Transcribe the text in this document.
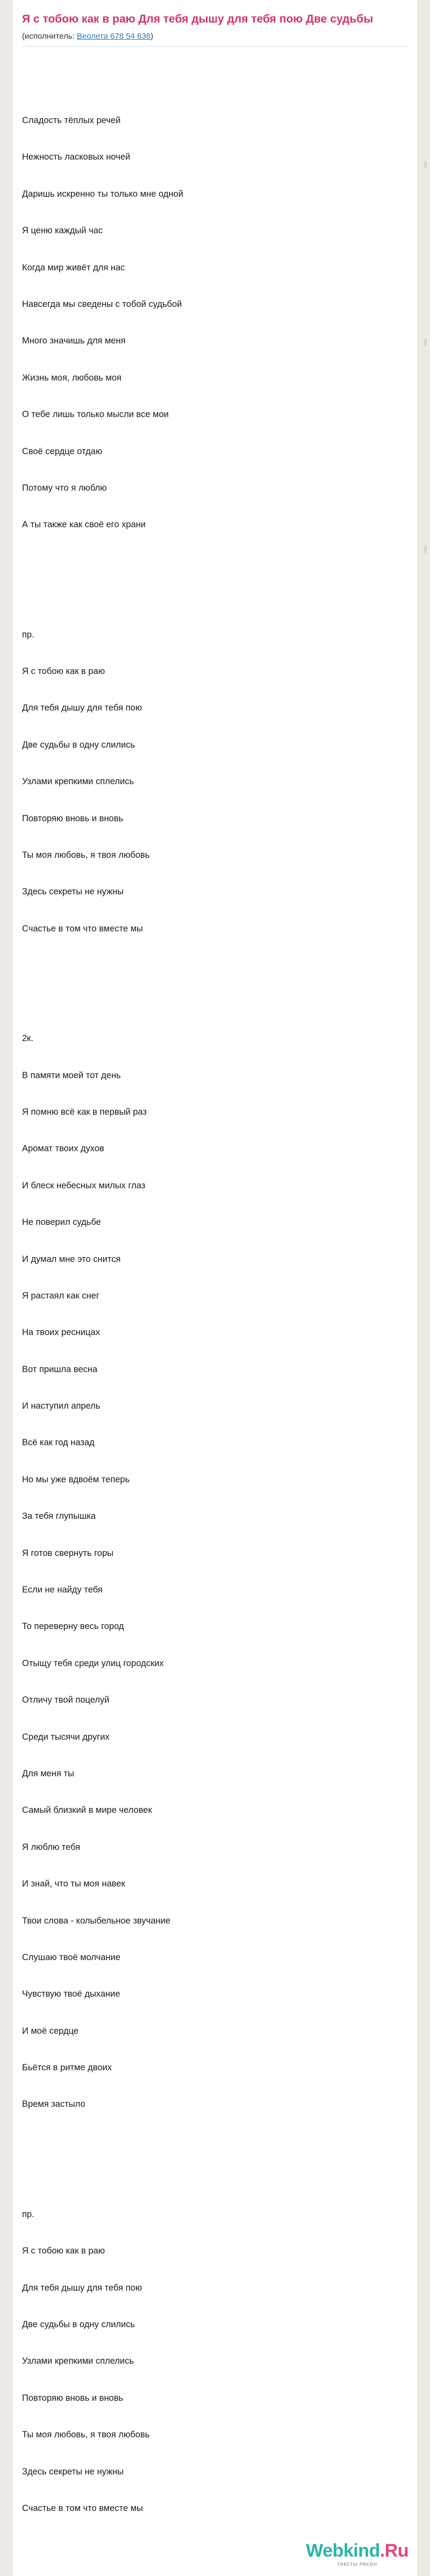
Я с тобою как в раю Для тебя дышу для тебя пою Две судьбы
(исполнитель: Веолета 678 54 636)

Сладость тёплых речей

Нежность ласковых ночей

Даришь искренно ты только мне одной

Я ценю каждый час

Когда мир живёт для нас

Навсегда мы сведены с тобой судьбой

Много значишь для меня

Жизнь моя, любовь моя

О тебе лишь только мысли все мои

Своё сердце отдаю

Потому что я люблю

А ты также как своё его храни

пр.

Я с тобою как в раю

Для тебя дышу для тебя пою

Две судьбы в одну слились

Узлами крепкими сплелись

Повторяю вновь и вновь

Ты моя любовь, я твоя любовь

Здесь секреты не нужны

Счастье в том что вместе мы

2к.

В памяти моей тот день

Я помню всё как в первый раз

Аромат твоих духов

И блеск небесных милых глаз

Не поверил судьбе

И думал мне это снится

Я растаял как снег

На твоих ресницах

Вот пришла весна

И наступил апрель

Всё как год назад

Но мы уже вдвоём теперь

За тебя глупышка

Я готов свернуть горы

Если не найду тебя

То переверну весь город

Отыщу тебя среди улиц городских

Отличу твой поцелуй

Среди тысячи других

Для меня ты

Самый близкий в мире человек

Я люблю тебя

И знай, что ты моя навек

Твои слова - колыбельное звучание

Слушаю твоё молчание

Чувствую твоё дыхание

И моё сердце

Бьётся в ритме двоих

Время застыло

пр.

Я с тобою как в раю

Для тебя дышу для тебя пою

Две судьбы в одну слились

Узлами крепкими сплелись

Повторяю вновь и вновь

Ты моя любовь, я твоя любовь

Здесь секреты не нужны

Счастье в том что вместе мы

Webkind.Ru
тексты песен
